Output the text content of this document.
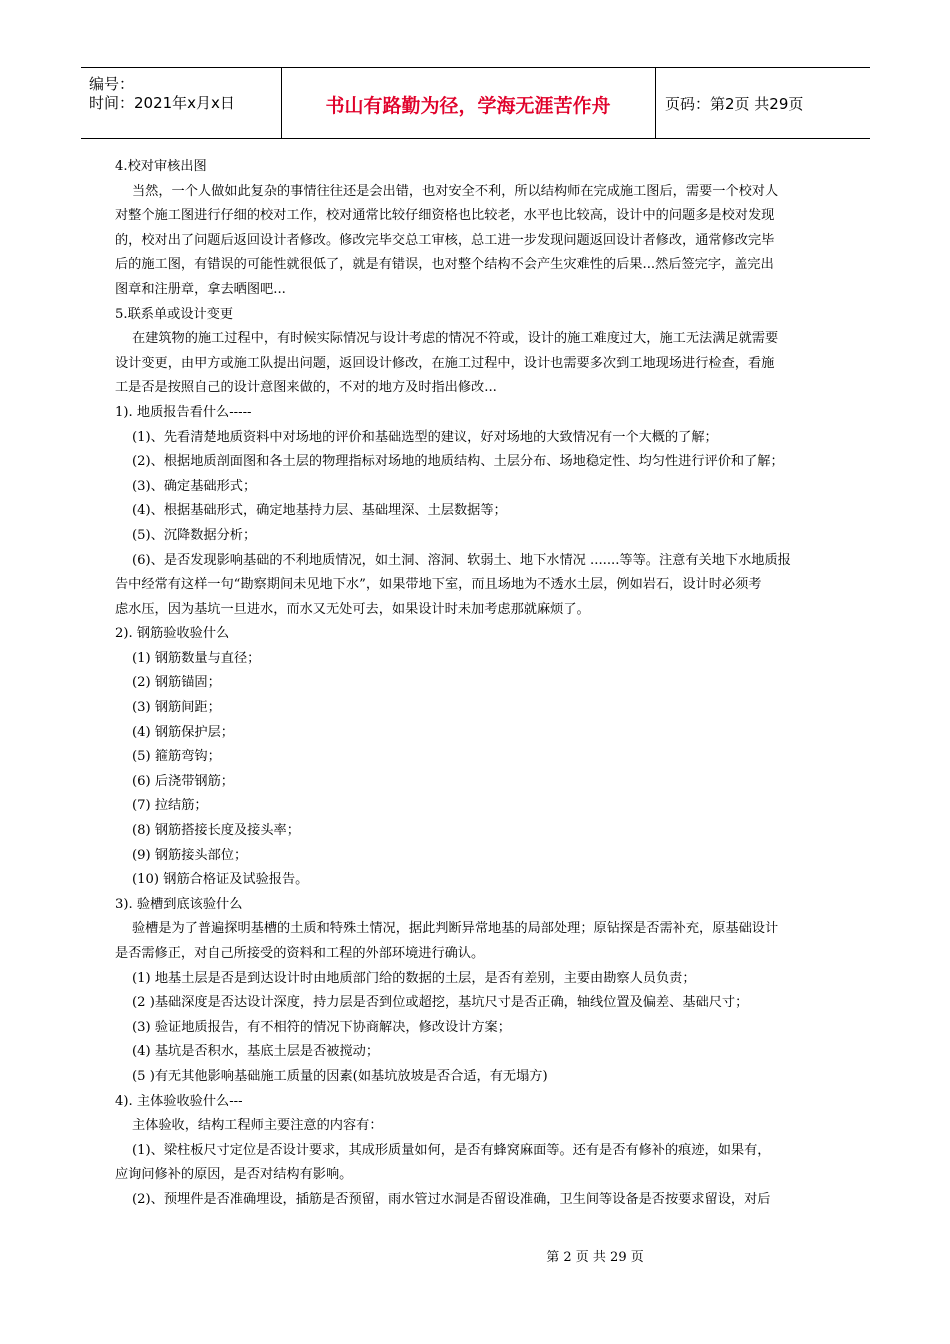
编号：
时间：2021年x月x日	书山有路勤为径，学海无涯苦作舟	页码：第2页 共29页

4.校对审核出图

当然，一个人做如此复杂的事情往往还是会出错，也对安全不利，所以结构师在完成施工图后，需要一个校对人

对整个施工图进行仔细的校对工作，校对通常比较仔细资格也比较老，水平也比较高，设计中的问题多是校对发现

的，校对出了问题后返回设计者修改。修改完毕交总工审核，总工进一步发现问题返回设计者修改，通常修改完毕

后的施工图，有错误的可能性就很低了，就是有错误，也对整个结构不会产生灾难性的后果...然后签完字，盖完出

图章和注册章，拿去晒图吧...

5.联系单或设计变更

在建筑物的施工过程中，有时候实际情况与设计考虑的情况不符或，设计的施工难度过大，施工无法满足就需要

设计变更，由甲方或施工队提出问题，返回设计修改，在施工过程中，设计也需要多次到工地现场进行检查，看施

工是否是按照自己的设计意图来做的，不对的地方及时指出修改...

1). 地质报告看什么-----

(1)、先看清楚地质资料中对场地的评价和基础选型的建议，好对场地的大致情况有一个大概的了解；

(2)、根据地质剖面图和各土层的物理指标对场地的地质结构、土层分布、场地稳定性、均匀性进行评价和了解；

(3)、确定基础形式；

(4)、根据基础形式，确定地基持力层、基础埋深、土层数据等；

(5)、沉降数据分析；

(6)、是否发现影响基础的不利地质情况，如土洞、溶洞、软弱土、地下水情况 .......等等。注意有关地下水地质报

告中经常有这样一句“勘察期间未见地下水”，如果带地下室，而且场地为不透水土层，例如岩石，设计时必须考

虑水压，因为基坑一旦进水，而水又无处可去，如果设计时未加考虑那就麻烦了。

2). 钢筋验收验什么

(1) 钢筋数量与直径；

(2) 钢筋锚固；

(3) 钢筋间距；

(4) 钢筋保护层；

(5) 箍筋弯钩；

(6) 后浇带钢筋；

(7) 拉结筋；

(8) 钢筋搭接长度及接头率；

(9) 钢筋接头部位；

(10) 钢筋合格证及试验报告。

3). 验槽到底该验什么

验槽是为了普遍探明基槽的土质和特殊土情况，据此判断异常地基的局部处理；原钻探是否需补充，原基础设计

是否需修正，对自己所接受的资料和工程的外部环境进行确认。

(1) 地基土层是否是到达设计时由地质部门给的数据的土层，是否有差别，主要由勘察人员负责；

(2 )基础深度是否达设计深度，持力层是否到位或超挖，基坑尺寸是否正确，轴线位置及偏差、基础尺寸；

(3) 验证地质报告，有不相符的情况下协商解决，修改设计方案；

(4) 基坑是否积水，基底土层是否被搅动；

(5 )有无其他影响基础施工质量的因素(如基坑放坡是否合适，有无塌方)

4). 主体验收验什么---

主体验收，结构工程师主要注意的内容有：

(1)、梁柱板尺寸定位是否设计要求，其成形质量如何，是否有蜂窝麻面等。还有是否有修补的痕迹，如果有，

应询问修补的原因，是否对结构有影响。

(2)、预埋件是否准确埋设，插筋是否预留，雨水管过水洞是否留设准确，卫生间等设备是否按要求留设，对后

第 2 页 共 29 页
